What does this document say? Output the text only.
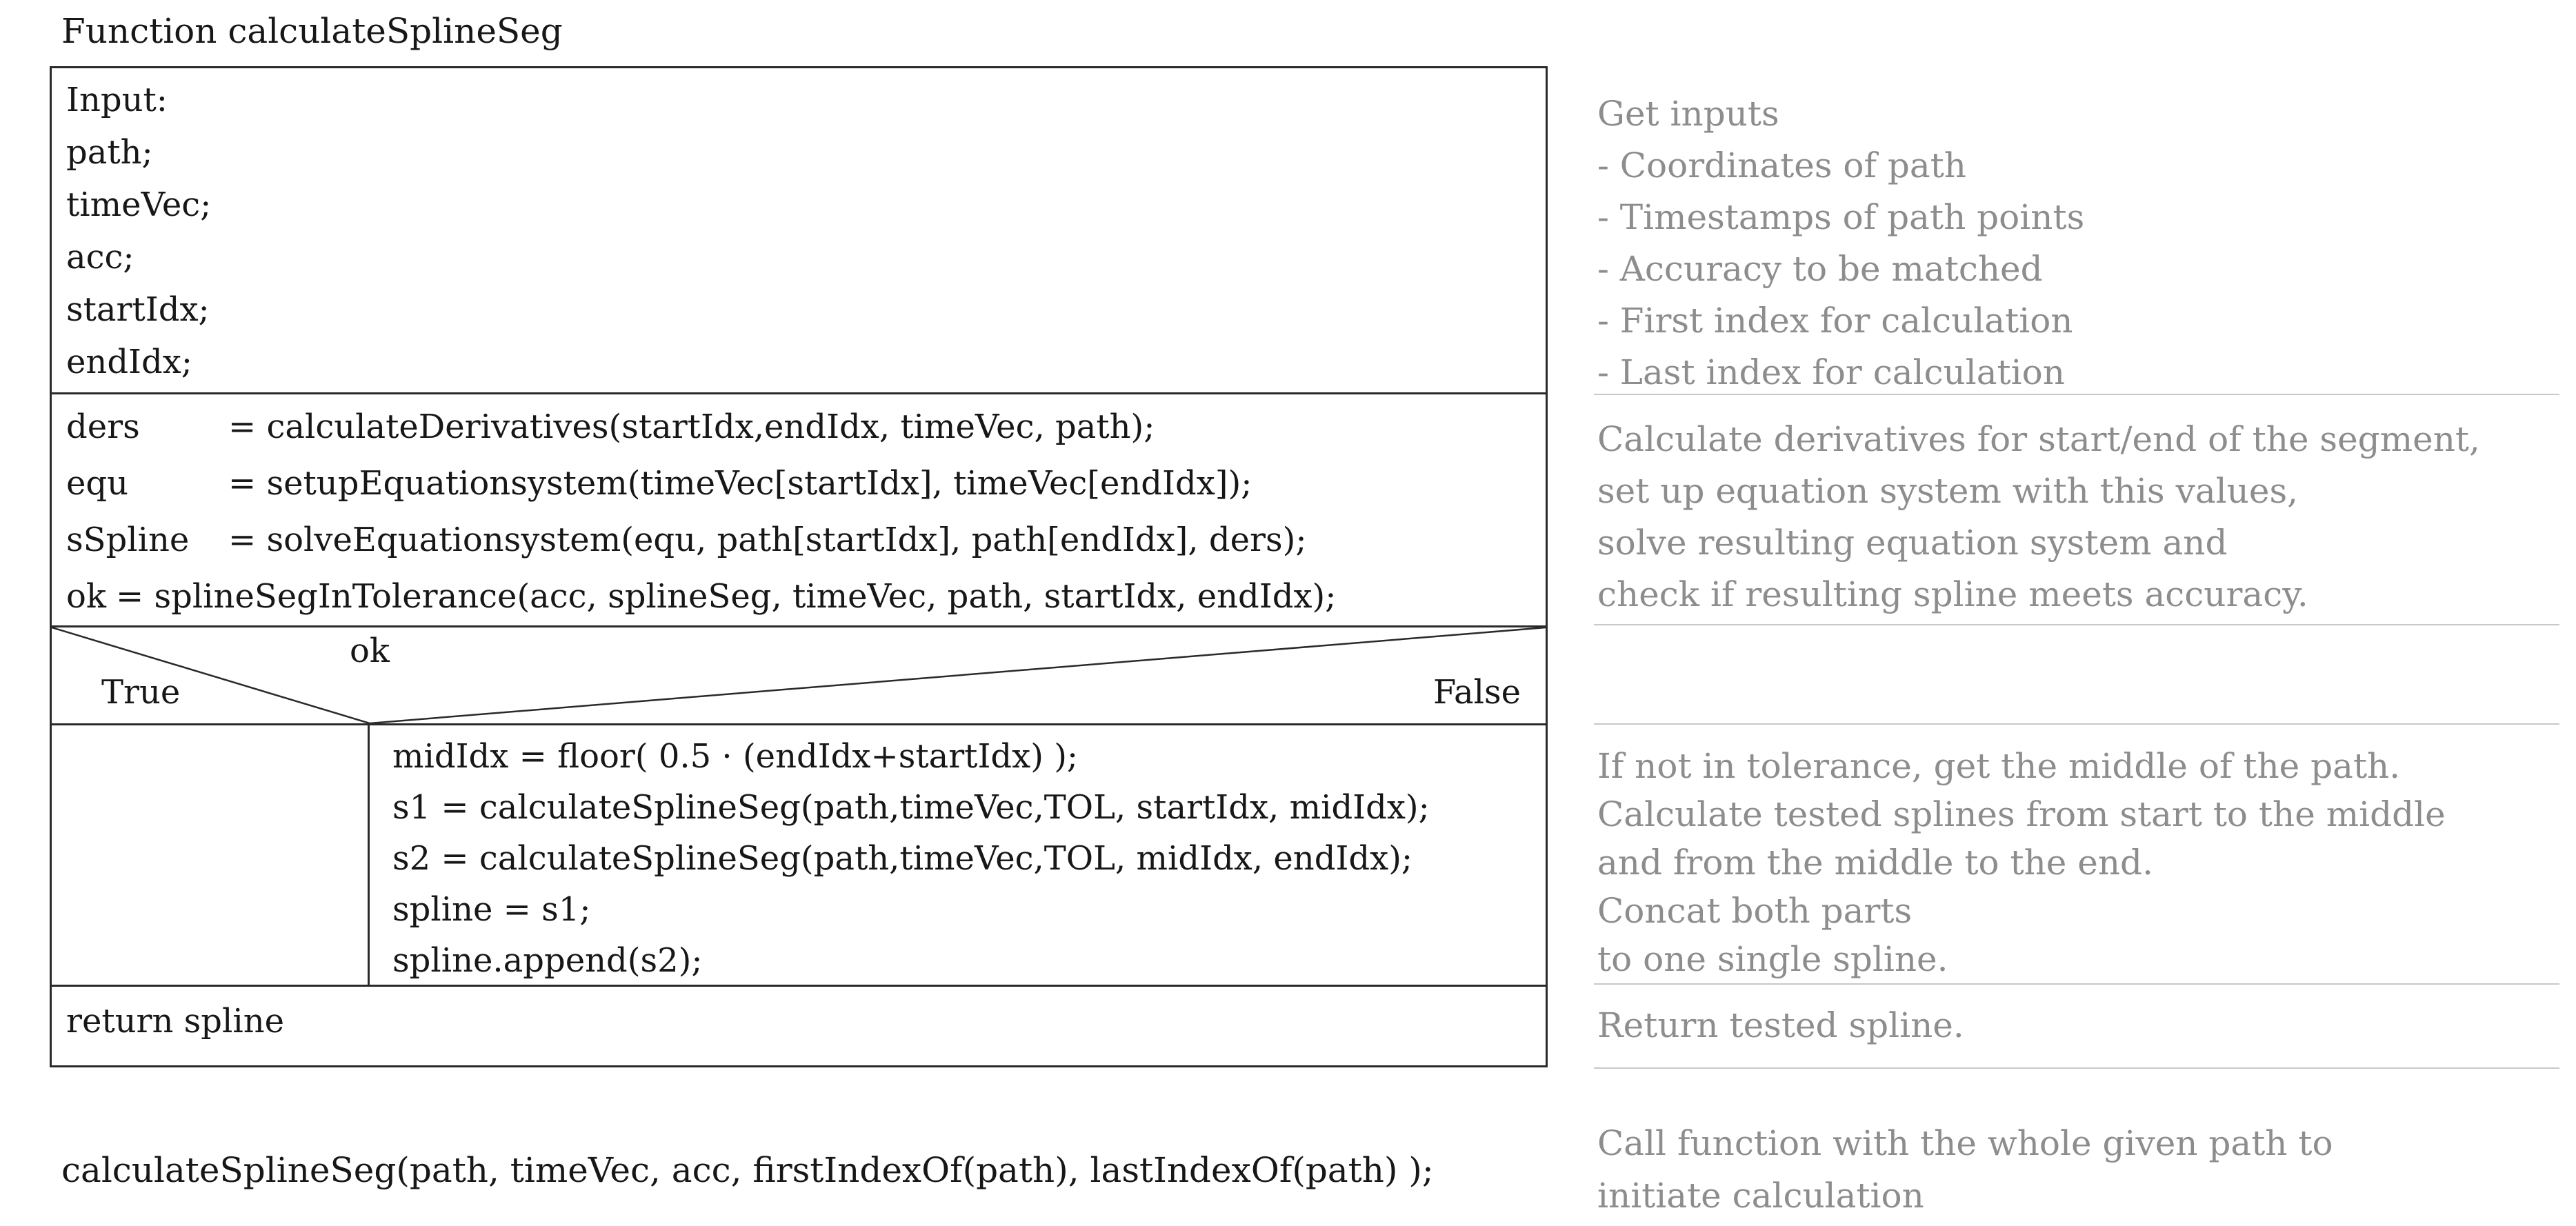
Function calculateSplineSeg
Input:
path;
timeVec;
acc;
startIdx;
endIdx;
ders	= calculateDerivatives(startIdx,endIdx, timeVec, path);
equ	= setupEquationsystem(timeVec[startIdx], timeVec[endIdx]);
sSpline = solveEquationsystem(equ, path[startIdx], path[endIdx], ders);
ok = splineSegInTolerance(acc, splineSeg, timeVec, path, startIdx, endIdx);
ok
True	False
midIdx = floor( 0.5 · (endIdx+startIdx) );
s1 = calculateSplineSeg(path,timeVec,TOL, startIdx, midIdx);
s2 = calculateSplineSeg(path,timeVec,TOL, midIdx, endIdx);
spline = s1;
spline.append(s2);
return spline
calculateSplineSeg(path, timeVec, acc, firstIndexOf(path), lastIndexOf(path) );
Get inputs
- Coordinates of path
- Timestamps of path points
- Accuracy to be matched
- First index for calculation
- Last index for calculation
Calculate derivatives for start/end of the segment,
set up equation system with this values,
solve resulting equation system and
check if resulting spline meets accuracy.
If not in tolerance, get the middle of the path.
Calculate tested splines from start to the middle
and from the middle to the end.
Concat both parts
to one single spline.
Return tested spline.
Call function with the whole given path to
initiate calculation
